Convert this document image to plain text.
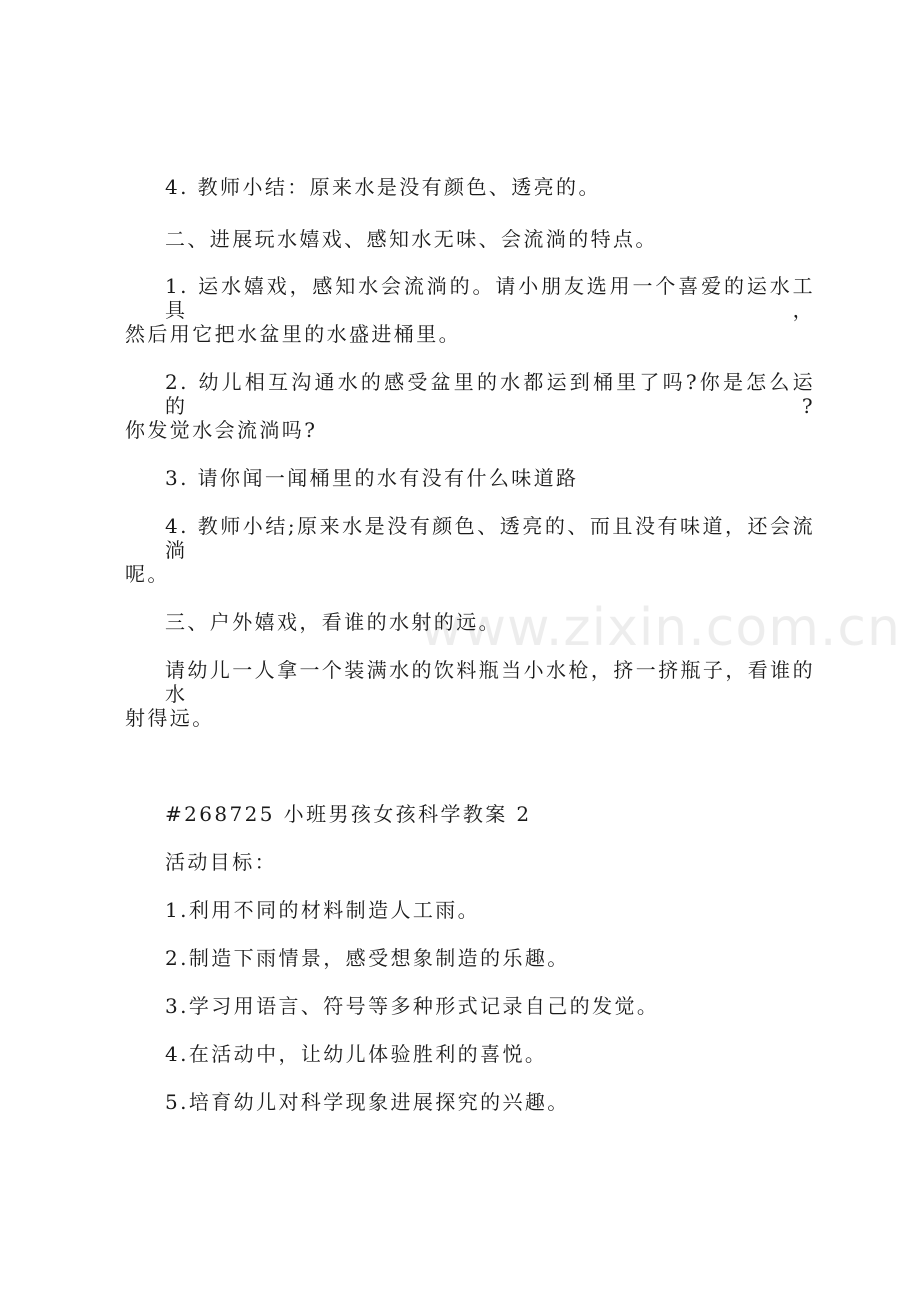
www.zixin.com.cn
4. 教师小结：原来水是没有颜色、透亮的。
二、进展玩水嬉戏、感知水无味、会流淌的特点。
1. 运水嬉戏，感知水会流淌的。请小朋友选用一个喜爱的运水工具，
然后用它把水盆里的水盛进桶里。
2. 幼儿相互沟通水的感受盆里的水都运到桶里了吗?你是怎么运的?
你发觉水会流淌吗?
3. 请你闻一闻桶里的水有没有什么味道路
4. 教师小结;原来水是没有颜色、透亮的、而且没有味道，还会流淌
呢。
三、户外嬉戏，看谁的水射的远。
请幼儿一人拿一个装满水的饮料瓶当小水枪，挤一挤瓶子，看谁的水
射得远。
#268725 小班男孩女孩科学教案 2
活动目标：
1.利用不同的材料制造人工雨。
2.制造下雨情景，感受想象制造的乐趣。
3.学习用语言、符号等多种形式记录自己的发觉。
4.在活动中，让幼儿体验胜利的喜悦。
5.培育幼儿对科学现象进展探究的兴趣。
